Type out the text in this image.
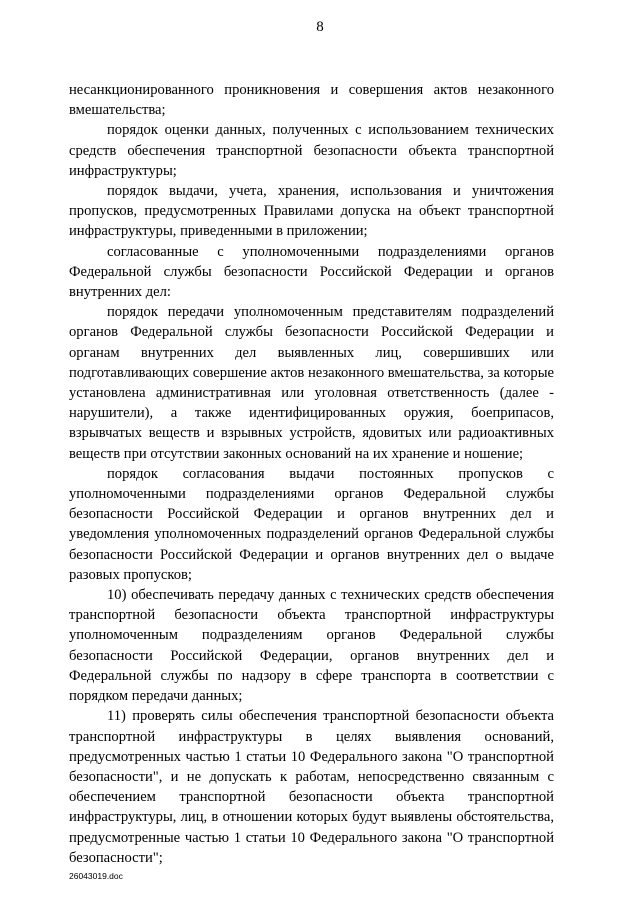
8

несанкционированного проникновения и совершения актов незаконного вмешательства;

порядок оценки данных, полученных с использованием технических средств обеспечения транспортной безопасности объекта транспортной инфраструктуры;

порядок выдачи, учета, хранения, использования и уничтожения пропусков, предусмотренных Правилами допуска на объект транспортной инфраструктуры, приведенными в приложении;

согласованные с уполномоченными подразделениями органов Федеральной службы безопасности Российской Федерации и органов внутренних дел:

порядок передачи уполномоченным представителям подразделений органов Федеральной службы безопасности Российской Федерации и органам внутренних дел выявленных лиц, совершивших или подготавливающих совершение актов незаконного вмешательства, за которые установлена административная или уголовная ответственность (далее - нарушители), а также идентифицированных оружия, боеприпасов, взрывчатых веществ и взрывных устройств, ядовитых или радиоактивных веществ при отсутствии законных оснований на их хранение и ношение;

порядок согласования выдачи постоянных пропусков с уполномоченными подразделениями органов Федеральной службы безопасности Российской Федерации и органов внутренних дел и уведомления уполномоченных подразделений органов Федеральной службы безопасности Российской Федерации и органов внутренних дел о выдаче разовых пропусков;

10) обеспечивать передачу данных с технических средств обеспечения транспортной безопасности объекта транспортной инфраструктуры уполномоченным подразделениям органов Федеральной службы безопасности Российской Федерации, органов внутренних дел и Федеральной службы по надзору в сфере транспорта в соответствии с порядком передачи данных;

11) проверять силы обеспечения транспортной безопасности объекта транспортной инфраструктуры в целях выявления оснований, предусмотренных частью 1 статьи 10 Федерального закона "О транспортной безопасности", и не допускать к работам, непосредственно связанным с обеспечением транспортной безопасности объекта транспортной инфраструктуры, лиц, в отношении которых будут выявлены обстоятельства, предусмотренные частью 1 статьи 10 Федерального закона "О транспортной безопасности";

26043019.doc
